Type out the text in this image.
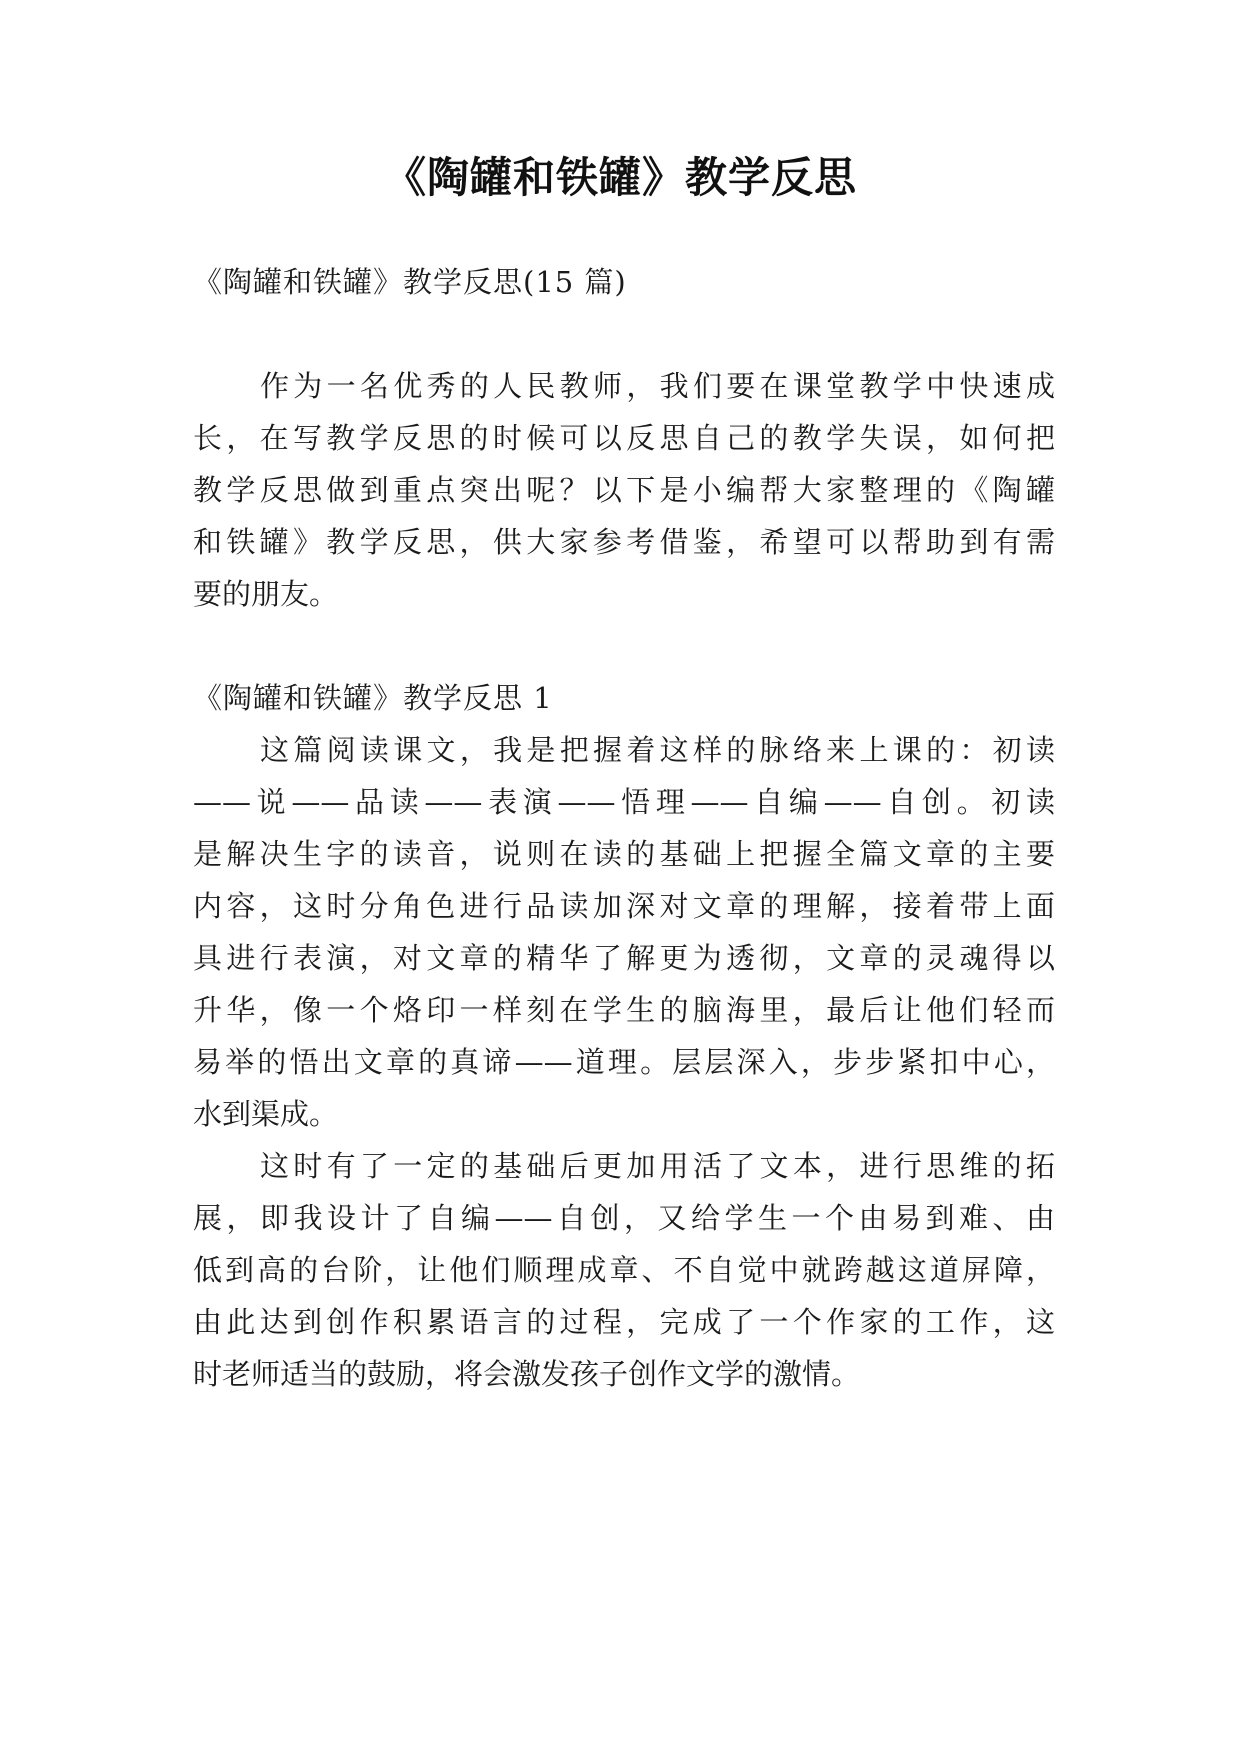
《陶罐和铁罐》教学反思

《陶罐和铁罐》教学反思(15 篇)

作为一名优秀的人民教师，我们要在课堂教学中快速成

长，在写教学反思的时候可以反思自己的教学失误，如何把

教学反思做到重点突出呢？以下是小编帮大家整理的《陶罐

和铁罐》教学反思，供大家参考借鉴，希望可以帮助到有需

要的朋友。

《陶罐和铁罐》教学反思 1

这篇阅读课文，我是把握着这样的脉络来上课的：初读

——说——品读——表演——悟理——自编——自创。初读

是解决生字的读音，说则在读的基础上把握全篇文章的主要

内容，这时分角色进行品读加深对文章的理解，接着带上面

具进行表演，对文章的精华了解更为透彻，文章的灵魂得以

升华，像一个烙印一样刻在学生的脑海里，最后让他们轻而

易举的悟出文章的真谛——道理。层层深入，步步紧扣中心，

水到渠成。

这时有了一定的基础后更加用活了文本，进行思维的拓

展，即我设计了自编——自创，又给学生一个由易到难、由

低到高的台阶，让他们顺理成章、不自觉中就跨越这道屏障，

由此达到创作积累语言的过程，完成了一个作家的工作，这

时老师适当的鼓励，将会激发孩子创作文学的激情。
